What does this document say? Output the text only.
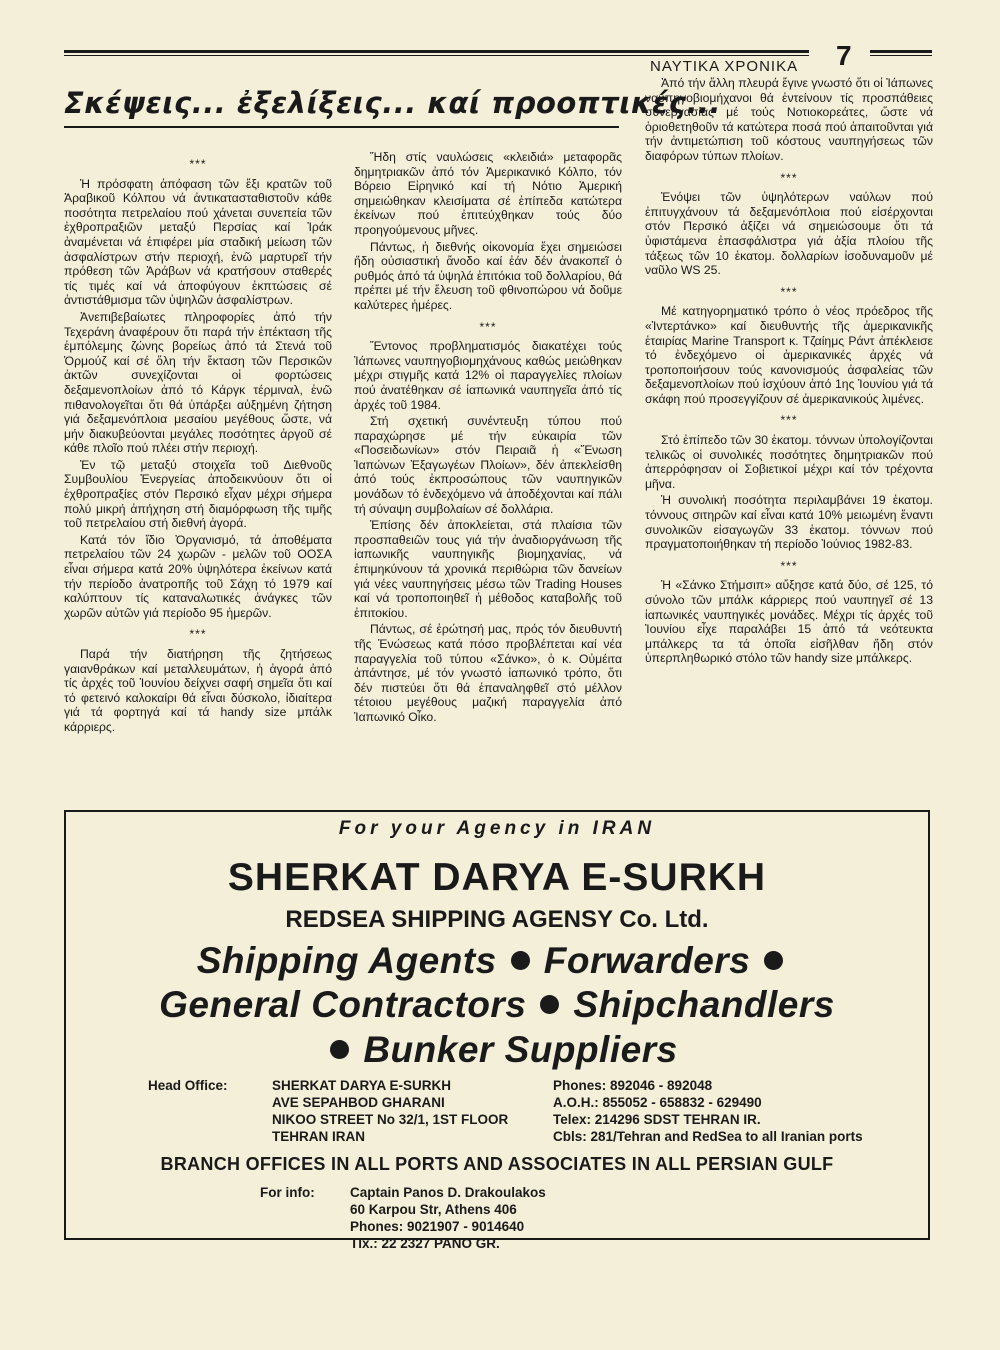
ΝΑΥΤΙΚΑ ΧΡΟΝΙΚΑ 7
Σκέψεις... ἐξελίξεις... καί προοπτικές...
***

Ἡ πρόσφατη ἀπόφαση τῶν ἔξι κρατῶν τοῦ Ἀραβικοῦ Κόλπου νά ἀντικατασταθιστοῦν κάθε ποσότητα πετρελαίου πού χάνεται συνεπεία τῶν ἐχθροπραξιῶν μεταξύ Περσίας καί Ἰράκ ἀναμένεται νά ἐπιφέρει μία σταδική μείωση τῶν ἀσφαλίστρων στήν περιοχή, ἐνῶ μαρτυρεῖ τήν πρόθεση τῶν Ἀράβων νά κρατήσουν σταθερές τίς τιμές καί νά ἀποφύγουν ἐκπτώσεις σέ ἀντιστάθμισμα τῶν ὑψηλῶν ἀσφαλίστρων.

Ἀνεπιβεβαίωτες πληροφορίες ἀπό τήν Τεχεράνη ἀναφέρουν ὅτι παρά τήν ἐπέκταση τῆς ἐμπόλεμης ζώνης βορείως ἀπό τά Στενά τοῦ Ὁρμούζ καί σέ ὅλη τήν ἔκταση τῶν Περσικῶν ἀκτῶν συνεχίζονται οἱ φορτώσεις δεξαμενοπλοίων ἀπό τό Κάργκ τέρμιναλ, ἐνῶ πιθανολογεῖται ὅτι θά ὑπάρξει αὐξημένη ζήτηση γιά δεξαμενόπλοια μεσαίου μεγέθους ὥστε, νά μήν διακυβεύονται μεγάλες ποσότητες ἀργοῦ σέ κάθε πλοῖο πού πλέει στήν περιοχή.

Ἐν τῷ μεταξύ στοιχεῖα τοῦ Διεθνοῦς Συμβουλίου Ἐνεργείας ἀποδεικνύουν ὅτι οἱ ἐχθροπραξίες στόν Περσικό εἶχαν μέχρι σήμερα πολύ μικρή ἀπήχηση στή διαμόρφωση τῆς τιμῆς τοῦ πετρελαίου στή διεθνή ἀγορά.

Κατά τόν ἴδιο Ὀργανισμό, τά ἀποθέματα πετρελαίου τῶν 24 χωρῶν - μελῶν τοῦ ΟΟΣΑ εἶναι σήμερα κατά 20% ὑψηλότερα ἐκείνων κατά τήν περίοδο ἀνατροπῆς τοῦ Σάχη τό 1979 καί καλύπτουν τίς καταναλωτικές ἀνάγκες τῶν χωρῶν αὐτῶν γιά περίοδο 95 ἡμερῶν.

***

Παρά τήν διατήρηση τῆς ζητήσεως γαιανθράκων καί μεταλλευμάτων, ἡ ἀγορά ἀπό τίς ἀρχές τοῦ Ἰουνίου δείχνει σαφή σημεῖα ὅτι καί τό φετεινό καλοκαίρι θά εἶναι δύσκολο, ἰδιαίτερα γιά τά φορτηγά καί τά handy size μπάλκ κάρριερς.

Ἤδη στίς ναυλώσεις «κλειδιά» μεταφορᾶς δημητριακῶν ἀπό τόν Ἀμερικανικό Κόλπο, τόν Βόρειο Εἰρηνικό καί τή Νότιο Ἀμερική σημειώθηκαν κλεισίματα σέ ἐπίπεδα κατώτερα ἐκείνων πού ἐπιτεύχθηκαν τούς δύο προηγούμενους μῆνες.

Πάντως, ἡ διεθνής οἰκονομία ἔχει σημειώσει ἤδη οὐσιαστική ἄνοδο καί ἐάν δέν ἀνακοπεῖ ὁ ρυθμός ἀπό τά ὑψηλά ἐπιτόκια τοῦ δολλαρίου, θά πρέπει μέ τήν ἔλευση τοῦ φθινοπώρου νά δοῦμε καλύτερες ἡμέρες.

***

Ἔντονος προβληματισμός διακατέχει τούς Ἰάπωνες ναυπηγοβιομηχάνους καθώς μειώθηκαν μέχρι στιγμῆς κατά 12% οἱ παραγγελίες πλοίων πού ἀνατέθηκαν σέ ἰαπωνικά ναυπηγεῖα ἀπό τίς ἀρχές τοῦ 1984.

Στή σχετική συνέντευξη τύπου πού παραχώρησε μέ τήν εὐκαιρία τῶν «Ποσειδωνίων» στόν Πειραιᾶ ἡ «Ἕνωση Ἰαπώνων Ἐξαγωγέων Πλοίων», δέν ἀπεκλείσθη ἀπό τούς ἐκπροσώπους τῶν ναυπηγικῶν μονάδων τό ἐνδεχόμενο νά ἀποδέχονται καί πάλι τή σύναψη συμβολαίων σέ δολλάρια.

Ἐπίσης δέν ἀποκλείεται, στά πλαίσια τῶν προσπαθειῶν τους γιά τήν ἀναδιοργάνωση τῆς ἰαπωνικῆς ναυπηγικῆς βιομηχανίας, νά ἐπιμηκύνουν τά χρονικά περιθώρια τῶν δανείων γιά νέες ναυπηγήσεις μέσω τῶν Trading Houses καί νά τροποποιηθεῖ ἡ μέθοδος καταβολῆς τοῦ ἐπιτοκίου.

Πάντως, σέ ἐρώτησή μας, πρός τόν διευθυντή τῆς Ἑνώσεως κατά πόσο προβλέπεται καί νέα παραγγελία τοῦ τύπου «Σάνκο», ὁ κ. Οὐμέιτα ἀπάντησε, μέ τόν γνωστό ἰαπωνικό τρόπο, ὅτι δέν πιστεύει ὅτι θά ἐπαναληφθεῖ στό μέλλον τέτοιου μεγέθους μαζική παραγγελία ἀπό Ἰαπωνικό Οἶκο.

Ἀπό τήν ἄλλη πλευρά ἔγινε γνωστό ὅτι οἱ Ἰάπωνες ναυπηγοβιομήχανοι θά ἐντείνουν τίς προσπάθειες συνεργασίας μέ τούς Νοτιοκορεάτες, ὥστε νά ὁριοθετηθοῦν τά κατώτερα ποσά πού ἀπαιτοῦνται γιά τήν ἀντιμετώπιση τοῦ κόστους ναυπηγήσεως τῶν διαφόρων τύπων πλοίων.

***

Ἐνόψει τῶν ὑψηλότερων ναύλων πού ἐπιτυγχάνουν τά δεξαμενόπλοια πού εἰσέρχονται στόν Περσικό ἀξίζει νά σημειώσουμε ὅτι τά ὑφιστάμενα ἐπασφάλιστρα γιά ἀξία πλοίου τῆς τάξεως τῶν 10 ἑκατομ. δολλαρίων ἰσοδυναμοῦν μέ ναῦλο WS 25.

***

Μέ κατηγορηματικό τρόπο ὁ νέος πρόεδρος τῆς «Ἰντερτάνκο» καί διευθυντής τῆς ἀμερικανικῆς ἑταιρίας Marine Transport κ. Τζαίημς Ράντ ἀπέκλεισε τό ἐνδεχόμενο οἱ ἀμερικανικές ἀρχές νά τροποποιήσουν τούς κανονισμούς ἀσφαλείας τῶν δεξαμενοπλοίων πού ἰσχύουν ἀπό 1ης Ἰουνίου γιά τά σκάφη πού προσεγγίζουν σέ ἀμερικανικούς λιμένες.

***

Στό ἐπίπεδο τῶν 30 ἑκατομ. τόννων ὑπολογίζονται τελικῶς οἱ συνολικές ποσότητες δημητριακῶν πού ἀπερρόφησαν οἱ Σοβιετικοί μέχρι καί τόν τρέχοντα μῆνα.

Ἡ συνολική ποσότητα περιλαμβάνει 19 ἑκατομ. τόννους σιτηρῶν καί εἶναι κατά 10% μειωμένη ἔναντι συνολικῶν εἰσαγωγῶν 33 ἑκατομ. τόννων πού πραγματοποιήθηκαν τή περίοδο Ἰούνιος 1982-83.

***

Ἡ «Σάνκο Στήμσιπ» αὔξησε κατά δύο, σέ 125, τό σύνολο τῶν μπάλκ κάρριερς πού ναυπηγεῖ σέ 13 ἰαπωνικές ναυπηγικές μονάδες. Μέχρι τίς ἀρχές τοῦ Ἰουνίου εἶχε παραλάβει 15 ἀπό τά νεότευκτα μπάλκερς τα τά ὁποῖα εἰσῆλθαν ἤδη στόν ὑπερπληθωρικό στόλο τῶν handy size μπάλκερς.

For your Agency in IRAN
SHERKAT DARYA E-SURKH
REDSEA SHIPPING AGENSY Co. Ltd.
Shipping Agents Forwarders
General Contractors Shipchandlers
Bunker Suppliers
Head Office:	SHERKAT DARYA E-SURKH
AVE SEPAHBOD GHARANI
NIKOO STREET No 32/1, 1ST FLOOR
TEHRAN IRAN
Phones: 892046 - 892048
A.O.H.: 855052 - 658832 - 629490
Telex: 214296 SDST TEHRAN IR.
Cbls: 281/Tehran and RedSea to all Iranian ports
BRANCH OFFICES IN ALL PORTS AND ASSOCIATES IN ALL PERSIAN GULF
For info:	Captain Panos D. Drakoulakos
60 Karpou Str, Athens 406
Phones: 9021907 - 9014640
Tlx.: 22 2327 PANO GR.
